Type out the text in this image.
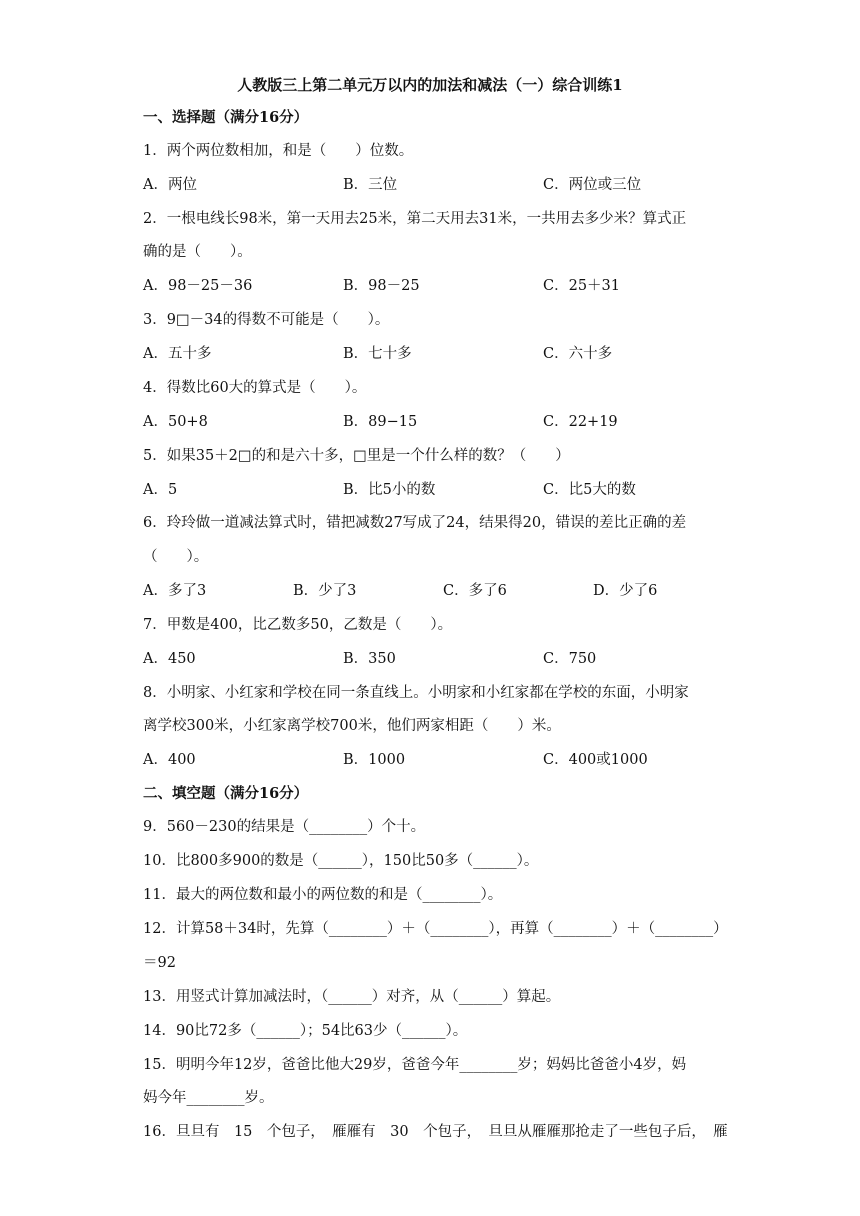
人教版三上第二单元万以内的加法和减法（一）综合训练1
一、选择题（满分16分）
1．两个两位数相加，和是（　　）位数。
A．两位	B．三位	C．两位或三位
2．一根电线长98米，第一天用去25米，第二天用去31米，一共用去多少米？算式正
确的是（　　）。
A．98－25－36	B．98－25	C．25＋31
3．9□－34的得数不可能是（　　）。
A．五十多	B．七十多	C．六十多
4．得数比60大的算式是（　　）。
A．50+8	B．89−15	C．22+19
5．如果35＋2□的和是六十多，□里是一个什么样的数？（　　）
A．5	B．比5小的数	C．比5大的数
6．玲玲做一道减法算式时，错把减数27写成了24，结果得20，错误的差比正确的差
（　　）。
A．多了3	B．少了3	C．多了6	D．少了6
7．甲数是400，比乙数多50，乙数是（　　）。
A．450	B．350	C．750
8．小明家、小红家和学校在同一条直线上。小明家和小红家都在学校的东面，小明家
离学校300米，小红家离学校700米，他们两家相距（　　）米。
A．400	B．1000	C．400或1000
二、填空题（满分16分）
9．560－230的结果是（________）个十。
10．比800多900的数是（______），150比50多（______）。
11．最大的两位数和最小的两位数的和是（________）。
12．计算58＋34时，先算（________）＋（________），再算（________）＋（________）
＝92
13．用竖式计算加减法时，（______）对齐，从（______）算起。
14．90比72多（______）；54比63少（______）。
15．明明今年12岁，爸爸比他大29岁，爸爸今年________岁；妈妈比爸爸小4岁，妈
妈今年________岁。
16．旦旦有　15　个包子，　雁雁有　30　个包子，　旦旦从雁雁那抢走了一些包子后，　雁
